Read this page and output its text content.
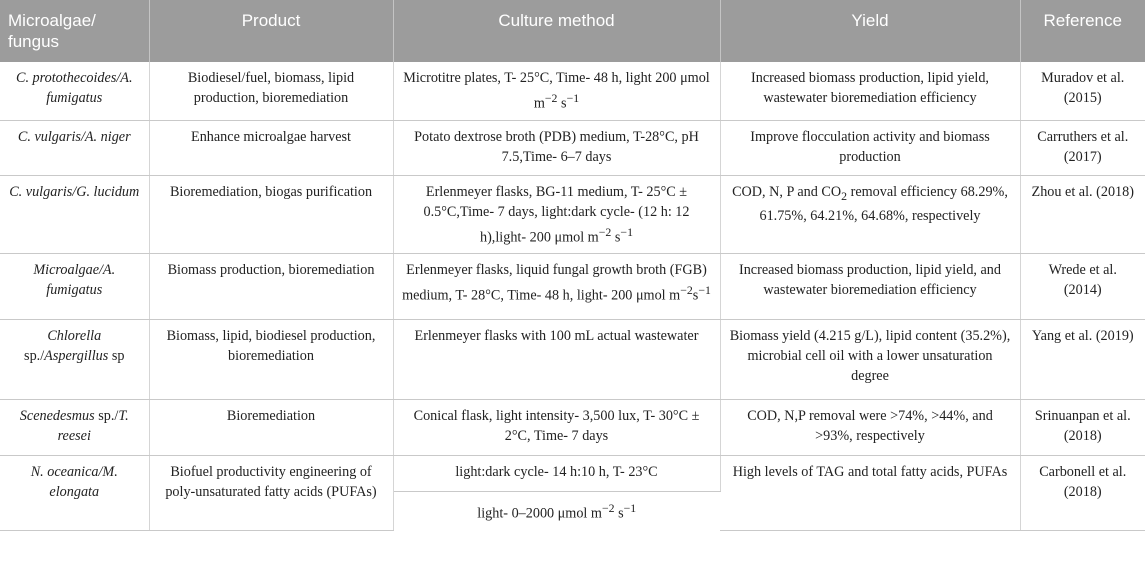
Microalgae/ fungus	Product	Culture method	Yield	Reference
C. protothecoides/A. fumigatus	Biodiesel/fuel, biomass, lipid production, bioremediation	Microtitre plates, T- 25°C, Time- 48 h, light 200 μmol $m^{-2}$ $s^{-1}$	Increased biomass production, lipid yield, wastewater bioremediation efficiency	Muradov et al. (2015)
C. vulgaris/A. niger	Enhance microalgae harvest	Potato dextrose broth (PDB) medium, T-28°C, pH 7.5,Time- 6–7 days	Improve flocculation activity and biomass production	Carruthers et al. (2017)
C. vulgaris/G. lucidum	Bioremediation, biogas purification	Erlenmeyer flasks, BG-11 medium, T- 25°C ± 0.5°C,Time- 7 days, light:dark cycle- (12 h: 12 h),light- 200 μmol $m^{-2}$ $s^{-1}$	COD, N, P and $CO_2$ removal efficiency 68.29%, 61.75%, 64.21%, 64.68%, respectively	Zhou et al. (2018)
Microalgae/A. fumigatus	Biomass production, bioremediation	Erlenmeyer flasks, liquid fungal growth broth (FGB) medium, T- 28°C, Time- 48 h, light- 200 μmol $m^{-2}s^{-1}$	Increased biomass production, lipid yield, and wastewater bioremediation efficiency	Wrede et al. (2014)
Chlorella sp./Aspergillus sp	Biomass, lipid, biodiesel production, bioremediation	Erlenmeyer flasks with 100 mL actual wastewater	Biomass yield (4.215 g/L), lipid content (35.2%), microbial cell oil with a lower unsaturation degree	Yang et al. (2019)
Scenedesmus sp./T. reesei	Bioremediation	Conical flask, light intensity- 3,500 lux, T- 30°C ± 2°C, Time- 7 days	COD, N,P removal were >74%, >44%, and >93%, respectively	Srinuanpan et al. (2018)
N. oceanica/M. elongata	Biofuel productivity engineering of poly-unsaturated fatty acids (PUFAs)	light:dark cycle- 14 h:10 h, T- 23°C	High levels of TAG and total fatty acids, PUFAs	Carbonell et al. (2018)
		light- 0–2000 μmol $m^{-2}$ $s^{-1}$
